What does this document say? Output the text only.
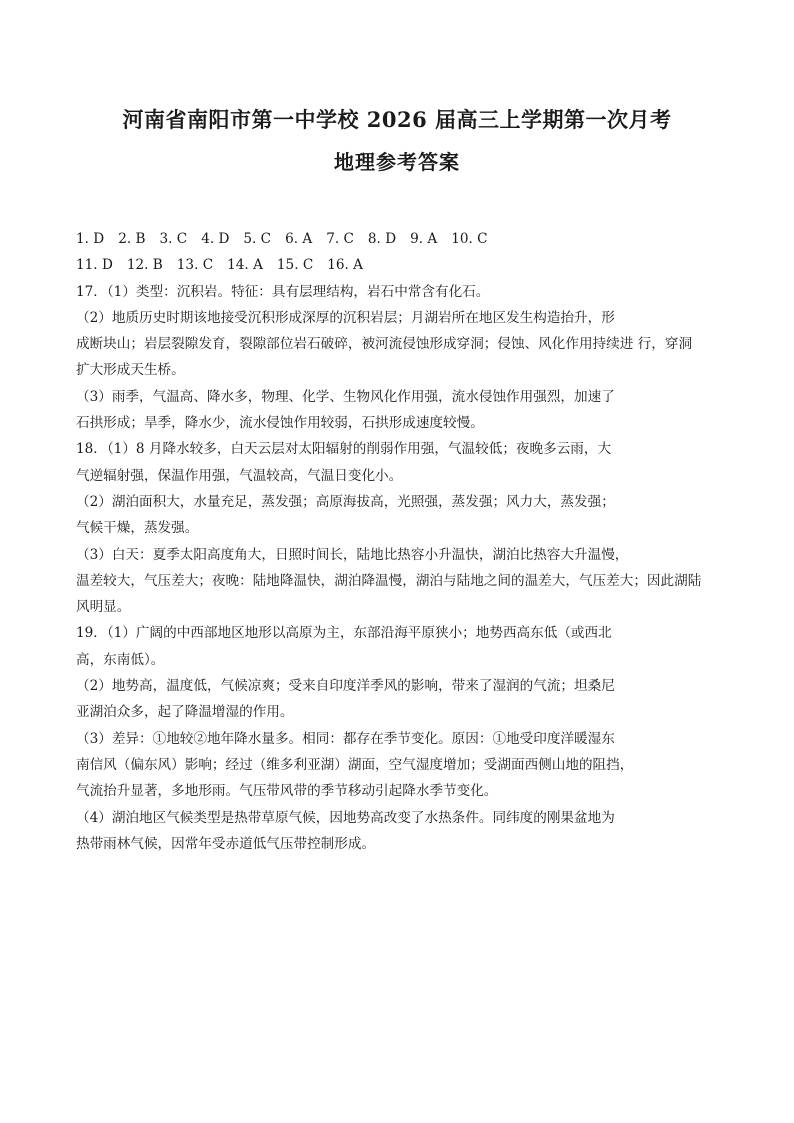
河南省南阳市第一中学校 2026 届高三上学期第一次月考
地理参考答案
1. D 2. B 3. C 4. D 5. C 6. A 7. C 8. D 9. A 10. C
11. D 12. B 13. C 14. A 15. C 16. A
17．（1）类型：沉积岩。特征：具有层理结构，岩石中常含有化石。
（2）地质历史时期该地接受沉积形成深厚的沉积岩层；月湖岩所在地区发生构造抬升，形
成断块山；岩层裂隙发育，裂隙部位岩石破碎，被河流侵蚀形成穿洞；侵蚀、风化作用持续进 行，穿洞
扩大形成天生桥。
（3）雨季，气温高、降水多，物理、化学、生物风化作用强，流水侵蚀作用强烈，加速了
石拱形成；旱季，降水少，流水侵蚀作用较弱，石拱形成速度较慢。
18．（1）8 月降水较多，白天云层对太阳辐射的削弱作用强，气温较低；夜晚多云雨，大
气逆辐射强，保温作用强，气温较高，气温日变化小。
（2）湖泊面积大，水量充足，蒸发强；高原海拔高，光照强，蒸发强；风力大，蒸发强；
气候干燥，蒸发强。
（3）白天：夏季太阳高度角大，日照时间长，陆地比热容小升温快，湖泊比热容大升温慢，
温差较大，气压差大；夜晚：陆地降温快，湖泊降温慢，湖泊与陆地之间的温差大，气压差大；因此湖陆
风明显。
19．（1）广阔的中西部地区地形以高原为主，东部沿海平原狭小；地势西高东低（或西北
高，东南低）。
（2）地势高，温度低，气候凉爽；受来自印度洋季风的影响，带来了湿润的气流；坦桑尼
亚湖泊众多，起了降温增湿的作用。
（3）差异：①地较②地年降水量多。相同：都存在季节变化。原因：①地受印度洋暖湿东
南信风（偏东风）影响；经过（维多利亚湖）湖面，空气湿度增加；受湖面西侧山地的阻挡，
气流抬升显著，多地形雨。气压带风带的季节移动引起降水季节变化。
（4）湖泊地区气候类型是热带草原气候，因地势高改变了水热条件。同纬度的刚果盆地为
热带雨林气候，因常年受赤道低气压带控制形成。
